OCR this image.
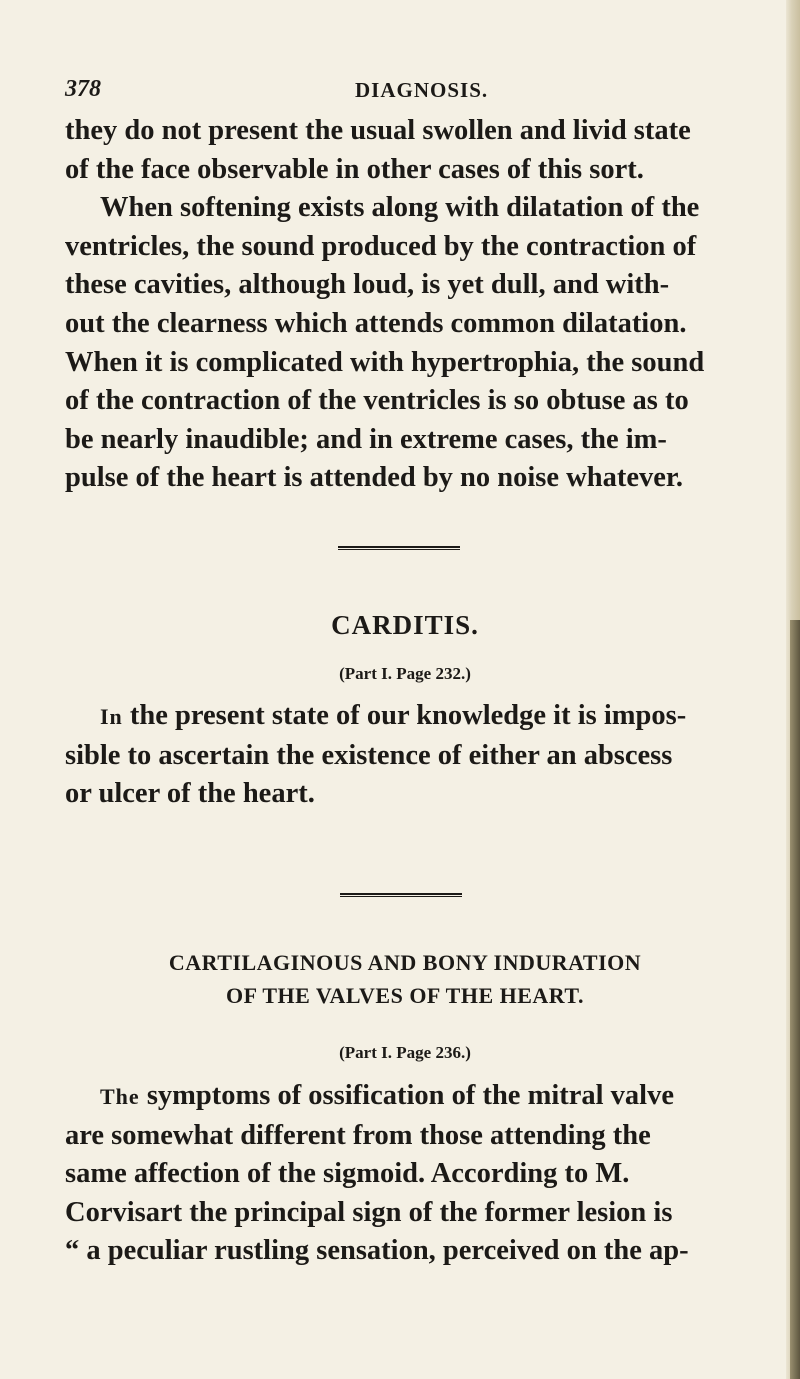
378	DIAGNOSIS.
they do not present the usual swollen and livid state
of the face observable in other cases of this sort.
When softening exists along with dilatation of the
ventricles, the sound produced by the contraction of
these cavities, although loud, is yet dull, and with-
out the clearness which attends common dilatation.
When it is complicated with hypertrophia, the sound
of the contraction of the ventricles is so obtuse as to
be nearly inaudible; and in extreme cases, the im-
pulse of the heart is attended by no noise whatever.
CARDITIS.
(Part I. Page 232.)
In the present state of our knowledge it is impos-
sible to ascertain the existence of either an abscess
or ulcer of the heart.
CARTILAGINOUS AND BONY INDURATION
OF THE VALVES OF THE HEART.
(Part I. Page 236.)
The symptoms of ossification of the mitral valve
are somewhat different from those attending the
same affection of the sigmoid. According to M.
Corvisart the principal sign of the former lesion is
“ a peculiar rustling sensation, perceived on the ap-
